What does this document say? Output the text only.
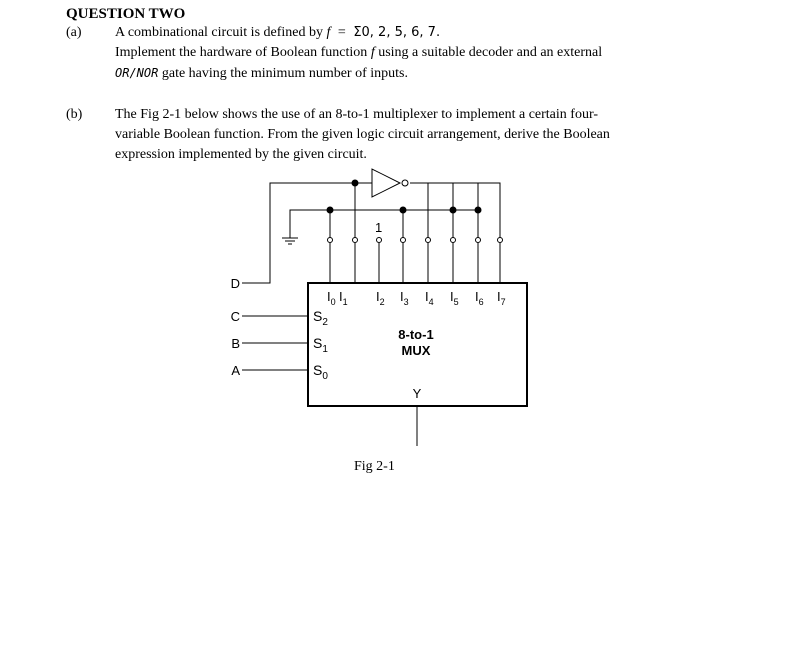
QUESTION TWO
(a) A combinational circuit is defined by f = Σ0, 2, 5, 6, 7.
Implement the hardware of Boolean function f using a suitable decoder and an external
OR/NOR gate having the minimum number of inputs.
(b) The Fig 2-1 below shows the use of an 8-to-1 multiplexer to implement a certain four-
variable Boolean function. From the given logic circuit arrangement, derive the Boolean
expression implemented by the given circuit.
1
$I_0$ $I_1$ $I_2$ $I_3$ $I_4$ $I_5$ $I_6$ $I_7$
$S_2$
$S_1$
$S_0$
8-to-1
MUX
Y
D
C
B
A
Fig 2-1
